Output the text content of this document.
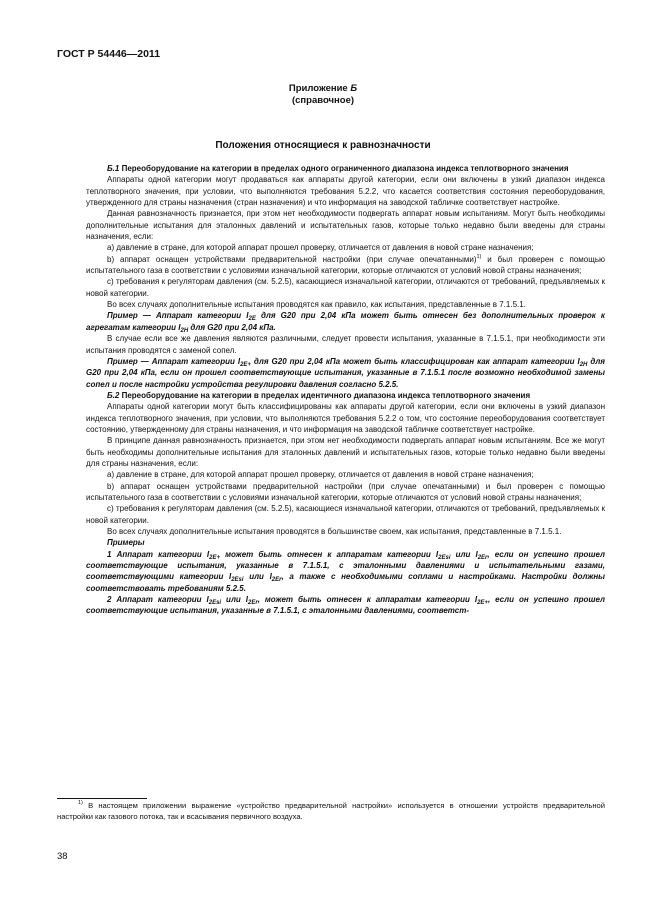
ГОСТ Р 54446—2011
Приложение Б
(справочное)
Положения относящиеся к равнозначности

Б.1 Переоборудование на категории в пределах одного ограниченного диапазона индекса теплотворного значения

Аппараты одной категории могут продаваться как аппараты другой категории, если они включены в узкий диапазон индекса теплотворного значения, при условии, что выполняются требования 5.2.2, что касается соответствия состояния переоборудования, утвержденного для страны назначения (стран назначения) и что информация на заводской табличке соответствует настройке.

Данная равнозначность признается, при этом нет необходимости подвергать аппарат новым испытаниям. Могут быть необходимы дополнительные испытания для эталонных давлений и испытательных газов, которые только недавно были введены для страны назначения, если:

а) давление в стране, для которой аппарат прошел проверку, отличается от давления в новой стране назначения;

b) аппарат оснащен устройствами предварительной настройки (при случае опечатанными)$^{1)}$ и был проверен с помощью испытательного газа в соответствии с условиями изначальной категории, которые отличаются от условий новой страны назначения;

с) требования к регуляторам давления (см. 5.2.5), касающиеся изначальной категории, отличаются от требований, предъявляемых к новой категории.

Во всех случаях дополнительные испытания проводятся как правило, как испытания, представленные в 7.1.5.1.

Пример — Аппарат категории $I_{2E}$ для G20 при 2,04 кПа может быть отнесен без дополнительных проверок к агрегатам категории $I_{2H}$ для G20 при 2,04 кПа.

В случае если все же давления являются различными, следует провести испытания, указанные в 7.1.5.1, при необходимости эти испытания проводятся с заменой сопел.

Пример — Аппарат категории $I_{2E+}$ для G20 при 2,04 кПа может быть классифицирован как аппарат категории $I_{2H}$ для G20 при 2,04 кПа, если он прошел соответствующие испытания, указанные в 7.1.5.1 после возможно необходимой замены сопел и после настройки устройства регулировки давления согласно 5.2.5.

Б.2 Переоборудование на категории в пределах идентичного диапазона индекса теплотворного значения

Аппараты одной категории могут быть классифицированы как аппараты другой категории, если они включены в узкий диапазон индекса теплотворного значения, при условии, что выполняются требования 5.2.2 о том, что состояние переоборудования соответствует состоянию, утвержденному для страны назначения, и что информация на заводской табличке соответствует настройке.

В принципе данная равнозначность признается, при этом нет необходимости подвергать аппарат новым испытаниям. Все же могут быть необходимы дополнительные испытания для эталонных давлений и испытательных газов, которые только недавно были введены для страны назначения, если:

а) давление в стране, для которой аппарат прошел проверку, отличается от давления в новой стране назначения;

b) аппарат оснащен устройствами предварительной настройки (при случае опечатанными) и был проверен с помощью испытательного газа в соответствии с условиями изначальной категории, которые отличаются от условий новой страны назначения;

с) требования к регуляторам давления (см. 5.2.5), касающиеся изначальной категории, отличаются от требований, предъявляемых к новой категории.

Во всех случаях дополнительные испытания проводятся в большинстве своем, как испытания, представленные в 7.1.5.1.

Примеры

1 Аппарат категории $I_{2E+}$ может быть отнесен к аппаратам категории $I_{2Esi}$ или $I_{2Er}$, если он успешно прошел соответствующие испытания, указанные в 7.1.5.1, с эталонными давлениями и испытательными газами, соответствующими категории $I_{2Esi}$ или $I_{2Er}$, а также с необходимыми соплами и настройками. Настройки должны соответствовать требованиям 5.2.5.

2 Аппарат категории $I_{2Esi}$ или $I_{2Er}$, может быть отнесен к аппаратам категории $I_{2E+}$, если он успешно прошел соответствующие испытания, указанные в 7.1.5.1, с эталонными давлениями, соответст-

$^{1)}$ В настоящем приложении выражение «устройство предварительной настройки» используется в отношении устройств предварительной настройки как газового потока, так и всасывания первичного воздуха.
38
